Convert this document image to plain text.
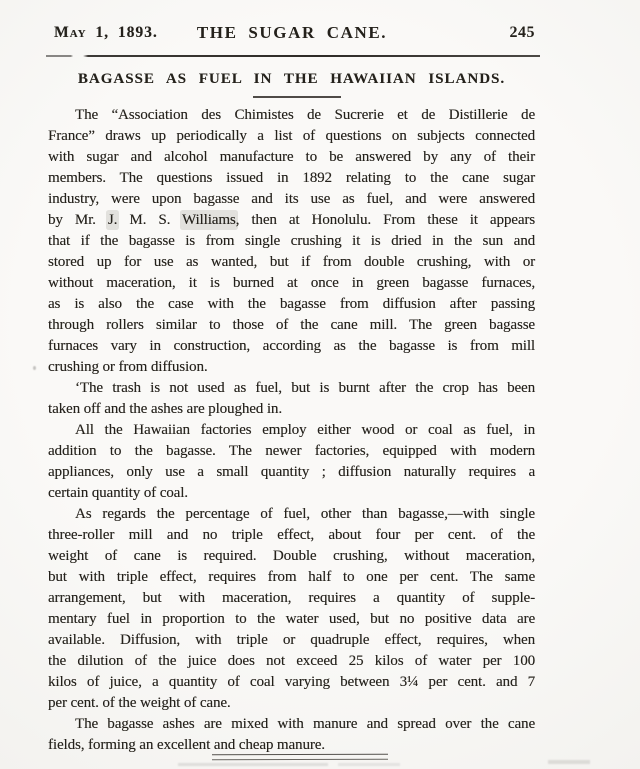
May 1, 1893. THE SUGAR CANE.	245
BAGASSE AS FUEL IN THE HAWAIIAN ISLANDS.
The “Association des Chimistes de Sucrerie et de Distillerie de
France” draws up periodically a list of questions on subjects connected
with sugar and alcohol manufacture to be answered by any of their
members. The questions issued in 1892 relating to the cane sugar
industry, were upon bagasse and its use as fuel, and were answered
by Mr. J. M. S. Williams, then at Honolulu. From these it appears
that if the bagasse is from single crushing it is dried in the sun and
stored up for use as wanted, but if from double crushing, with or
without maceration, it is burned at once in green bagasse furnaces,
as is also the case with the bagasse from diffusion after passing
through rollers similar to those of the cane mill. The green bagasse
furnaces vary in construction, according as the bagasse is from mill
crushing or from diffusion.
‘The trash is not used as fuel, but is burnt after the crop has been
taken off and the ashes are ploughed in.
All the Hawaiian factories employ either wood or coal as fuel, in
addition to the bagasse. The newer factories, equipped with modern
appliances, only use a small quantity ; diffusion naturally requires a
certain quantity of coal.
As regards the percentage of fuel, other than bagasse,—with single
three-roller mill and no triple effect, about four per cent. of the
weight of cane is required. Double crushing, without maceration,
but with triple effect, requires from half to one per cent. The same
arrangement, but with maceration, requires a quantity of supple-
mentary fuel in proportion to the water used, but no positive data are
available. Diffusion, with triple or quadruple effect, requires, when
the dilution of the juice does not exceed 25 kilos of water per 100
kilos of juice, a quantity of coal varying between 3¼ per cent. and 7
per cent. of the weight of cane.
The bagasse ashes are mixed with manure and spread over the cane
fields, forming an excellent and cheap manure.
